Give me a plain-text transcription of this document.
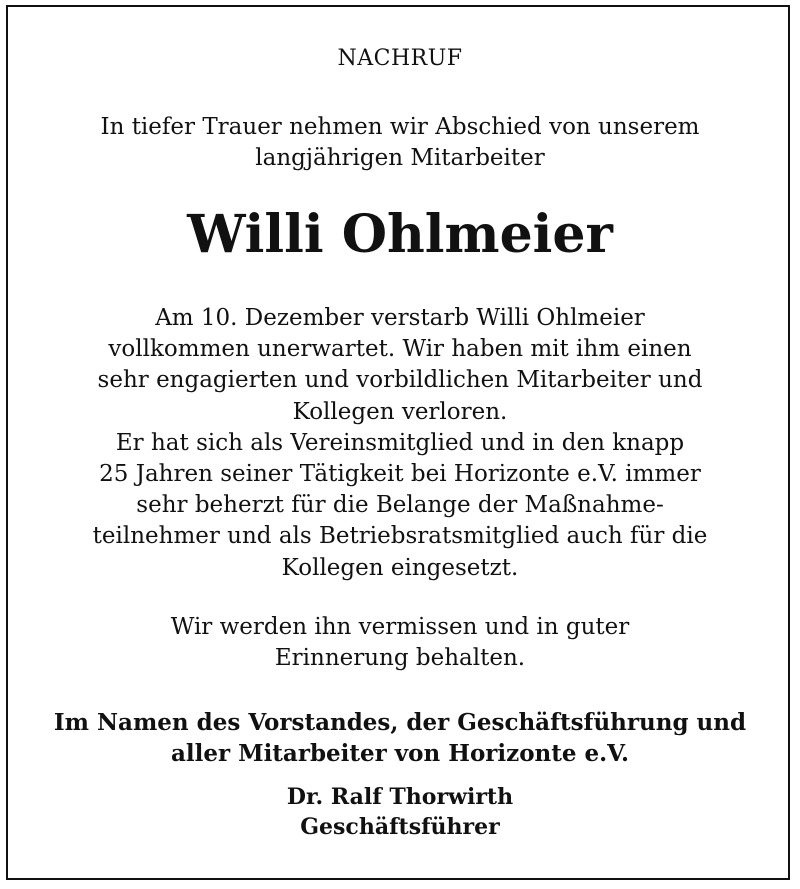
NACHRUF
In tiefer Trauer nehmen wir Abschied von unserem
langjährigen Mitarbeiter
Willi Ohlmeier
Am 10. Dezember verstarb Willi Ohlmeier
vollkommen unerwartet. Wir haben mit ihm einen
sehr engagierten und vorbildlichen Mitarbeiter und
Kollegen verloren.
Er hat sich als Vereinsmitglied und in den knapp
25 Jahren seiner Tätigkeit bei Horizonte e.V. immer
sehr beherzt für die Belange der Maßnahme-
teilnehmer und als Betriebsratsmitglied auch für die
Kollegen eingesetzt.
Wir werden ihn vermissen und in guter
Erinnerung behalten.
Im Namen des Vorstandes, der Geschäftsführung und
aller Mitarbeiter von Horizonte e.V.
Dr. Ralf Thorwirth
Geschäftsführer
